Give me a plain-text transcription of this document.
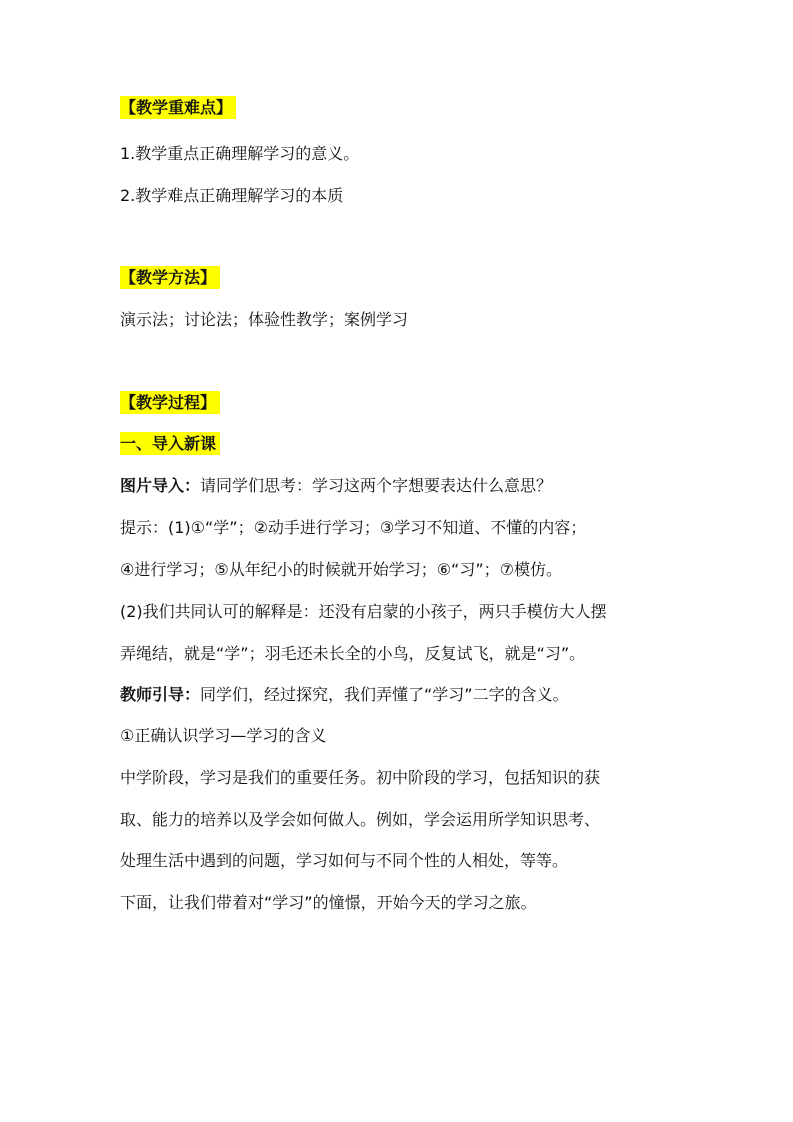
【教学重难点】
1.教学重点正确理解学习的意义。
2.教学难点正确理解学习的本质
【教学方法】
演示法；讨论法；体验性教学；案例学习
【教学过程】
一、导入新课
图片导入：请同学们思考：学习这两个字想要表达什么意思？
提示：(1)①“学”；②动手进行学习；③学习不知道、不懂的内容；
④进行学习；⑤从年纪小的时候就开始学习；⑥“习”；⑦模仿。
(2)我们共同认可的解释是：还没有启蒙的小孩子，两只手模仿大人摆
弄绳结，就是“学”；羽毛还未长全的小鸟，反复试飞，就是“习”。
教师引导：同学们，经过探究，我们弄懂了“学习”二字的含义。
①正确认识学习—学习的含义
中学阶段，学习是我们的重要任务。初中阶段的学习，包括知识的获
取、能力的培养以及学会如何做人。例如，学会运用所学知识思考、
处理生活中遇到的问题，学习如何与不同个性的人相处，等等。
下面，让我们带着对“学习”的憧憬，开始今天的学习之旅。
